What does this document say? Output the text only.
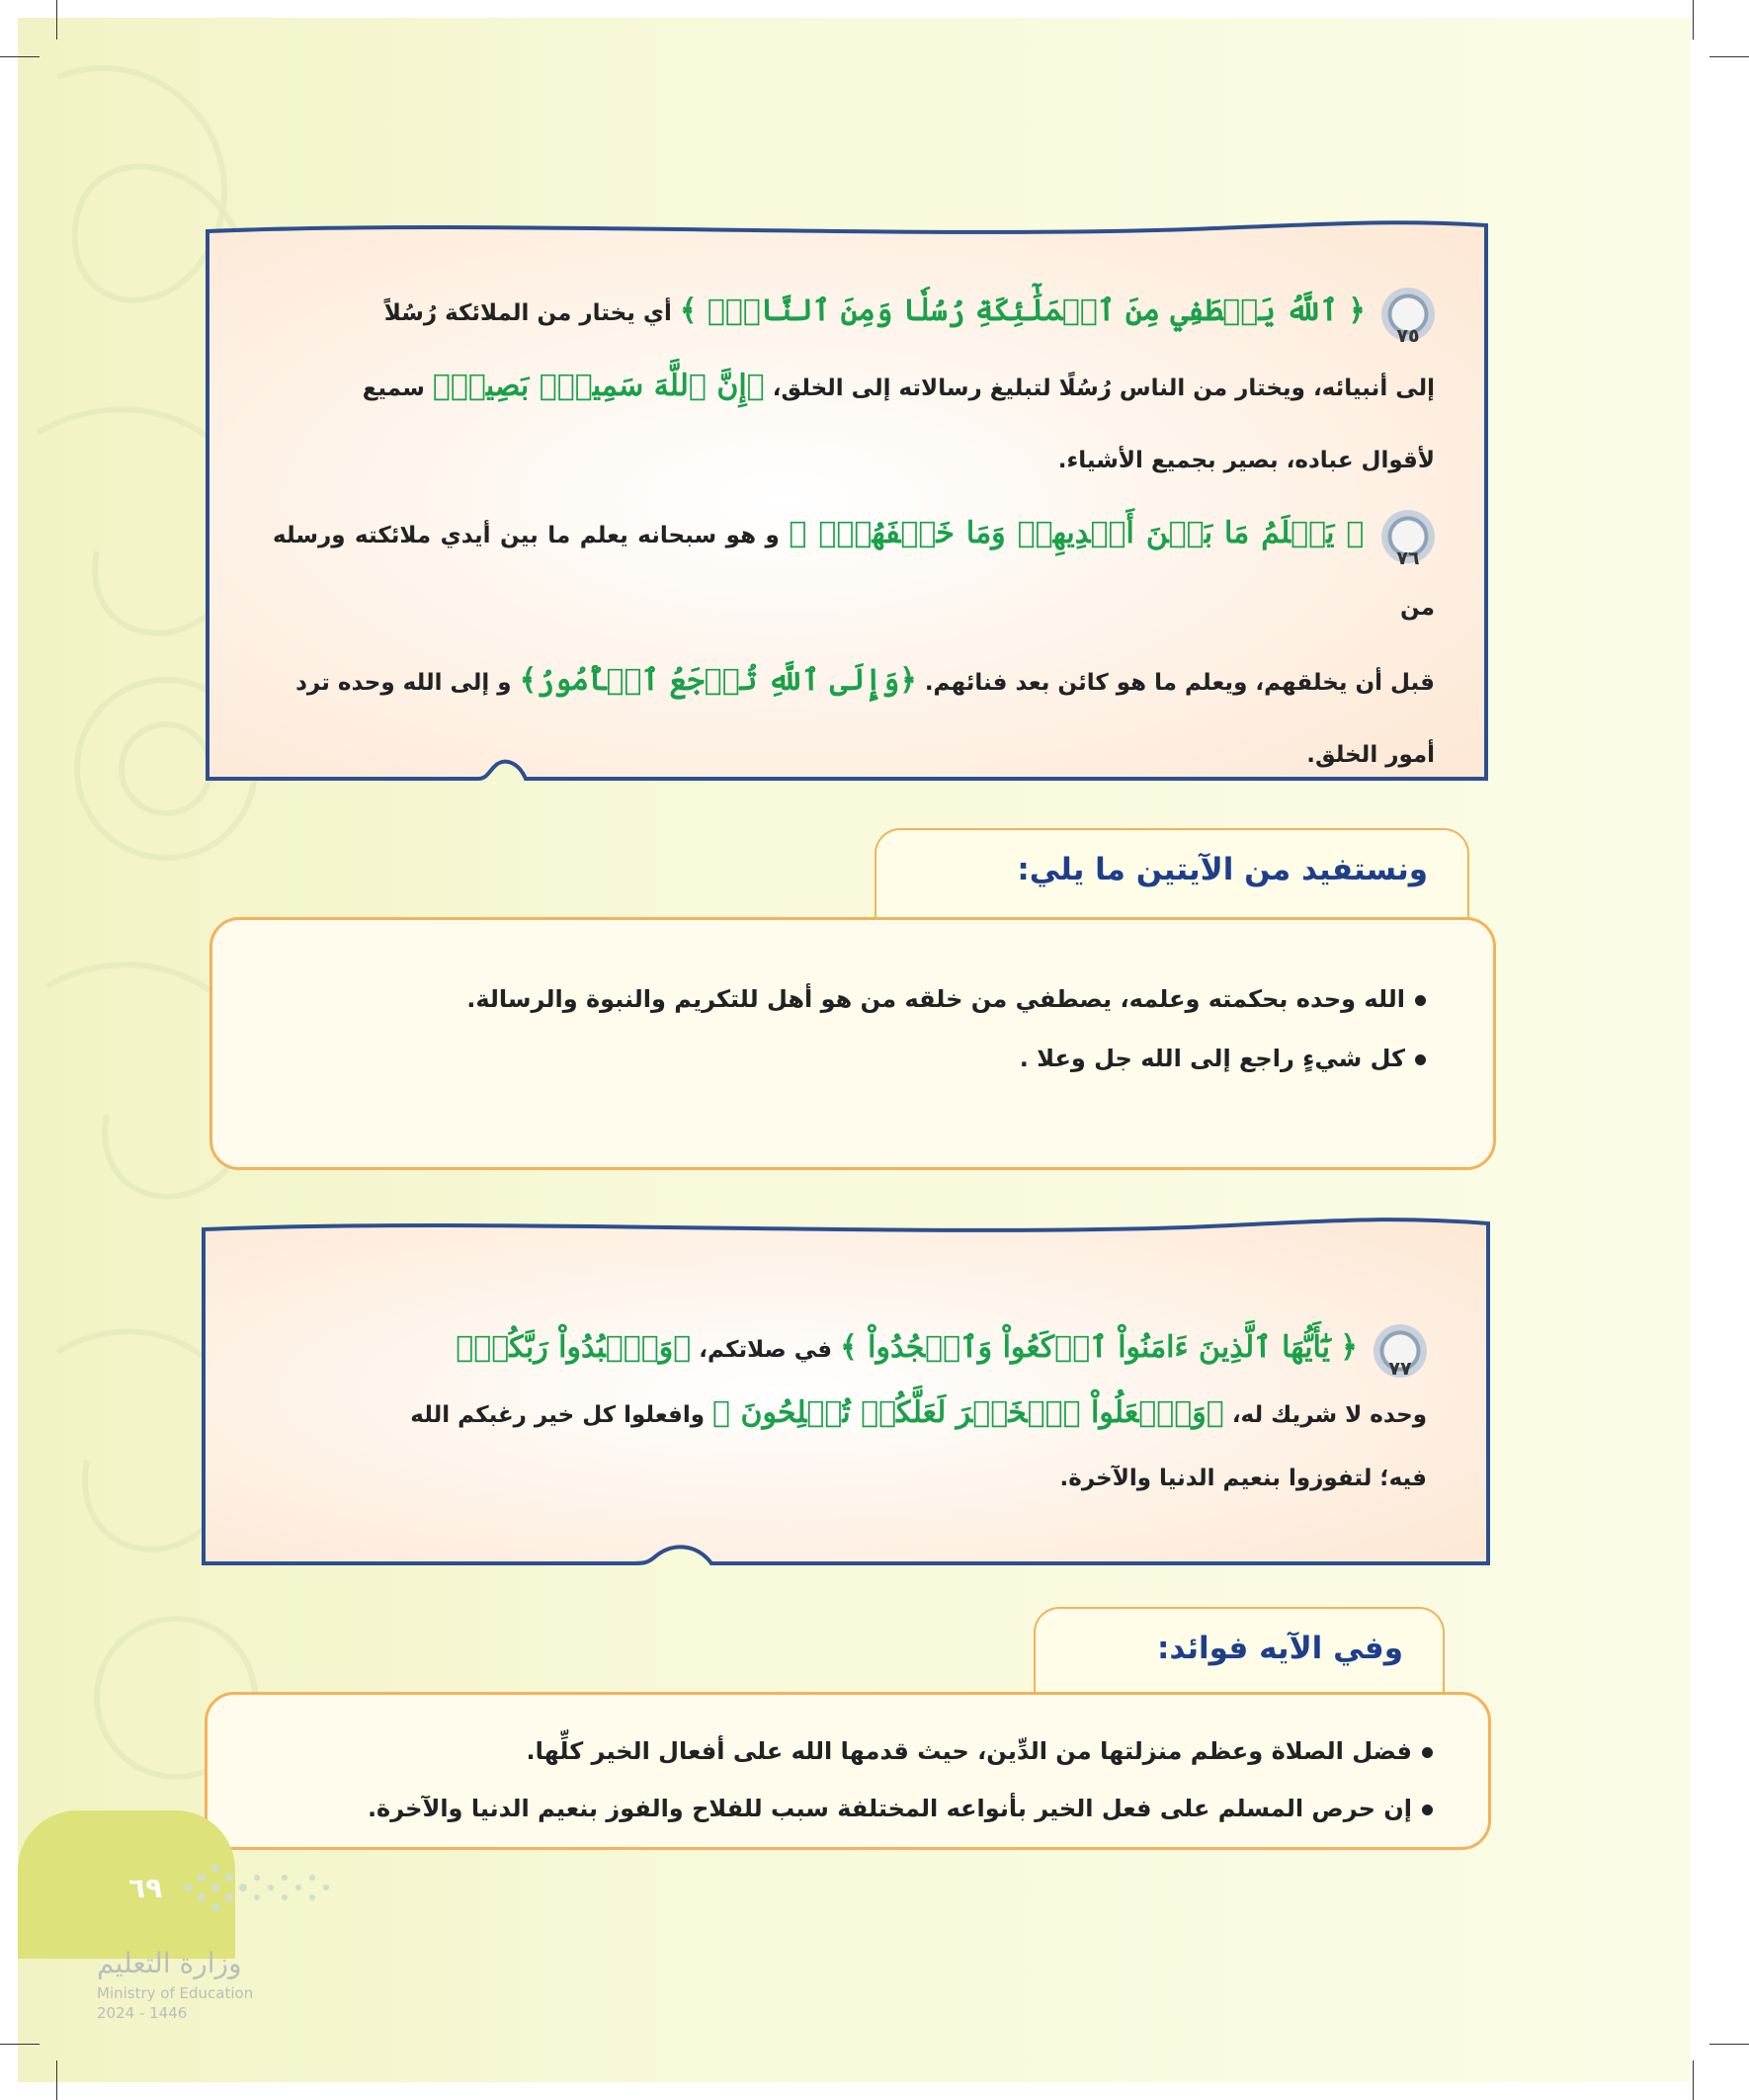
٧٥
﴿ ٱللَّهُ يَصۡطَفِي مِنَ ٱلۡمَلَٰٓئِكَةِ رُسُلٗا وَمِنَ ٱلنَّاسِۚ ﴾ أي يختار من الملائكة رُسُلاً
إلى أنبيائه، ويختار من الناس رُسُلًا لتبليغ رسالاته إلى الخلق، ﴿إِنَّ ٱللَّهَ سَمِيعُۢ بَصِيرٞ﴾ سميع
لأقوال عباده، بصير بجميع الأشياء.
٧٦
﴿ يَعۡلَمُ مَا بَيۡنَ أَيۡدِيهِمۡ وَمَا خَلۡفَهُمۡۚ ﴾ و هو سبحانه يعلم ما بين أيدي ملائكته ورسله من
قبل أن يخلقهم، ويعلم ما هو كائن بعد فنائهم. ﴿وَإِلَى ٱللَّهِ تُرۡجَعُ ٱلۡأُمُورُ﴾ و إلى الله وحده ترد
أمور الخلق.
ونستفيد من الآيتين ما يلي:
الله وحده بحكمته وعلمه، يصطفي من خلقه من هو أهل للتكريم والنبوة والرسالة.
كل شيءٍ راجع إلى الله جل وعلا .
٧٧
﴿ يَٰٓأَيُّهَا ٱلَّذِينَ ءَامَنُواْ ٱرۡكَعُواْ وَٱسۡجُدُواْ ﴾ في صلاتكم، ﴿وَٱعۡبُدُواْ رَبَّكُمۡ﴾
وحده لا شريك له، ﴿وَٱفۡعَلُواْ ٱلۡخَيۡرَ لَعَلَّكُمۡ تُفۡلِحُونَ ﴾ وافعلوا كل خير رغبكم الله
فيه؛ لتفوزوا بنعيم الدنيا والآخرة.
وفي الآيه فوائد:
فضل الصلاة وعظم منزلتها من الدِّين، حيث قدمها الله على أفعال الخير كلِّها.
إن حرص المسلم على فعل الخير بأنواعه المختلفة سبب للفلاح والفوز بنعيم الدنيا والآخرة.
٦٩
وزارة التعليم
Ministry of Education
2024 - 1446
